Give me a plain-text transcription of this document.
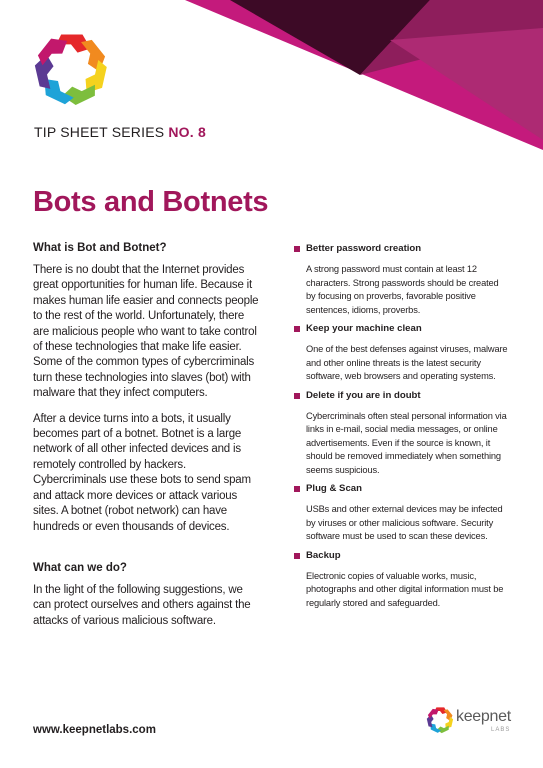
TIP SHEET SERIES NO. 8
Bots and Botnets
What is Bot and Botnet?

There is no doubt that the Internet provides great opportunities for human life. Because it makes human life easier and connects people to the rest of the world. Unfortunately, there are malicious people who want to take control of these technologies that make life easier. Some of the common types of cybercriminals turn these technologies into slaves (bot) with malware that they infect computers.

After a device turns into a bots, it usually becomes part of a botnet. Botnet is a large network of all other infected devices and is remotely controlled by hackers. Cybercriminals use these bots to send spam and attack more devices or attack various sites. A botnet (robot network) can have hundreds or even thousands of devices.

What can we do?

In the light of the following suggestions, we can protect ourselves and others against the attacks of various malicious software.

Better password creation
A strong password must contain at least 12 characters. Strong passwords should be created by focusing on proverbs, favorable positive sentences, idioms, proverbs.
Keep your machine clean
One of the best defenses against viruses, malware and other online threats is the latest security software, web browsers and operating systems.
Delete if you are in doubt
Cybercriminals often steal personal information via links in e-mail, social media messages, or online advertisements. Even if the source is known, it should be removed immediately when something seems suspicious.
Plug & Scan
USBs and other external devices may be infected by viruses or other malicious software. Security software must be used to scan these devices.
Backup
Electronic copies of valuable works, music, photographs and other digital information must be regularly stored and safeguarded.
www.keepnetlabs.com
keepnet
LABS
